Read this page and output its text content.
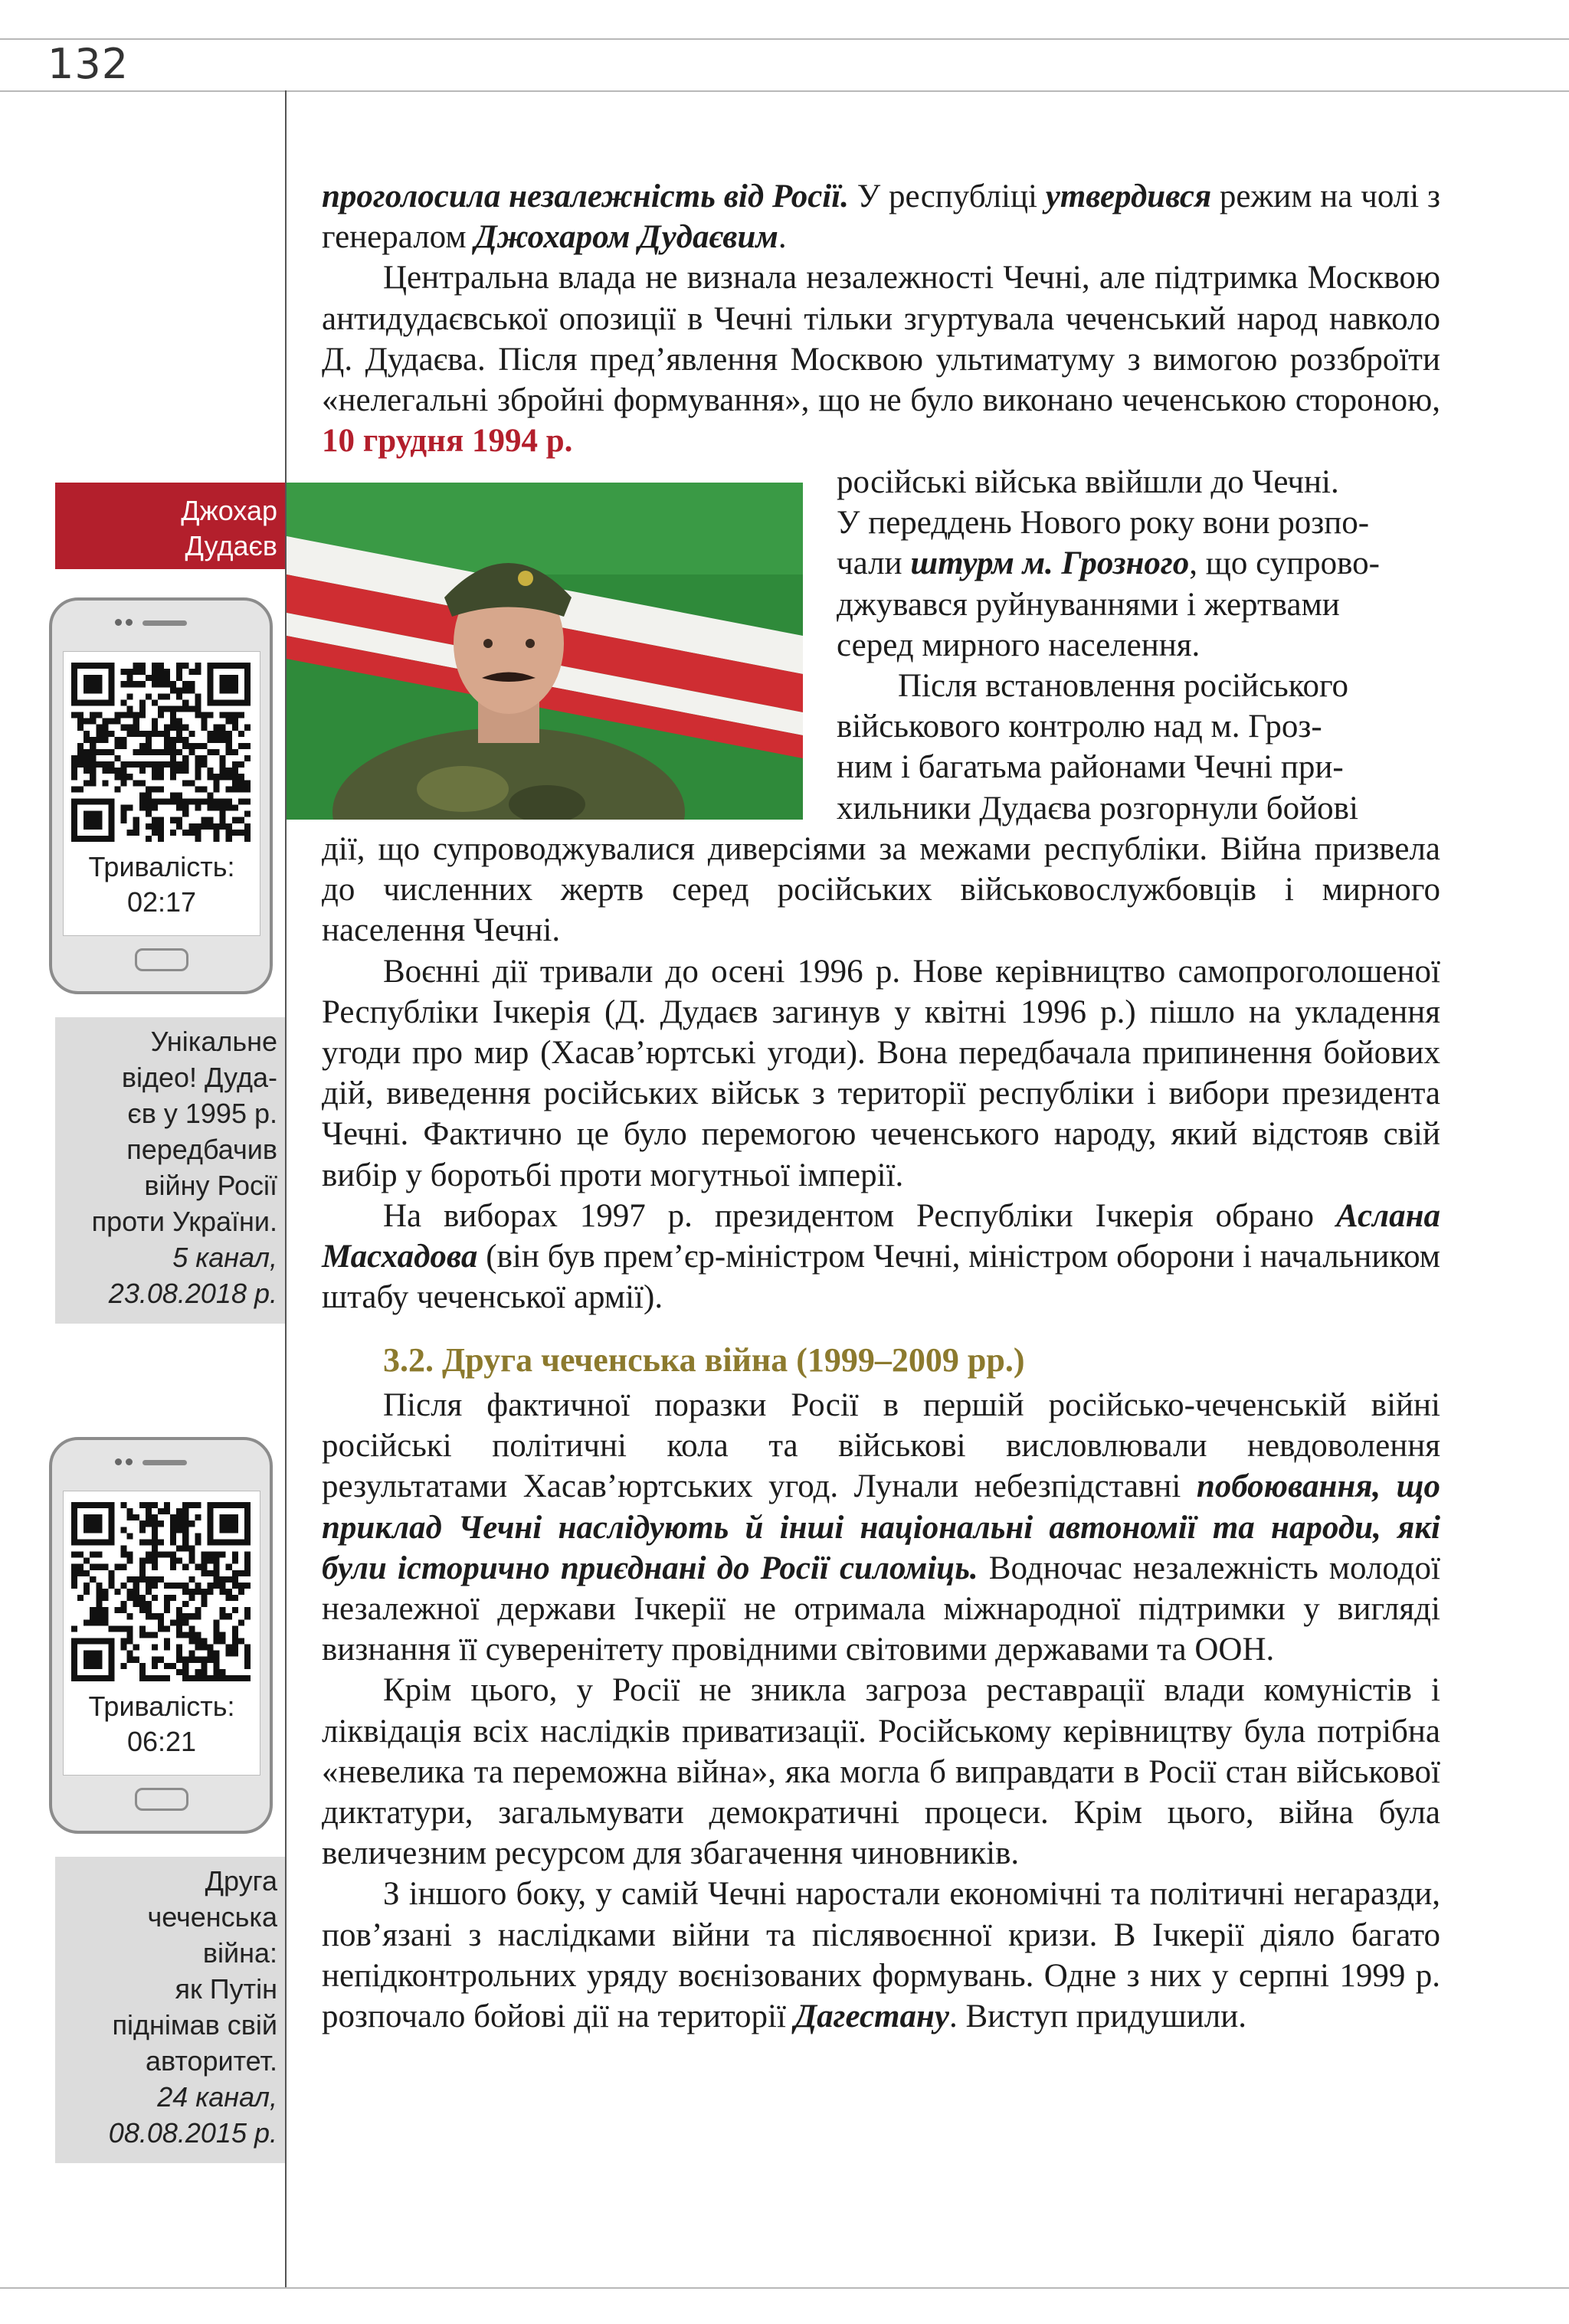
132
Джохар
Дудаєв
Тривалість:
02:17
Унікальне
відео! Дуда-
єв у 1995 р.
передбачив
війну Росії
проти України.
5 канал,
23.08.2018 р.
Тривалість:
06:21
Друга
чеченська
війна:
як Путін
піднімав свій
авторитет.
24 канал,
08.08.2015 р.

проголосила незалежність від Росії. У республіці утвердився режим на чолі з генералом Джохаром Дудаєвим.

Центральна влада не визнала незалежності Чечні, але підтримка Москвою антидудаєвської опозиції в Чечні тільки згуртувала чеченський народ навколо Д. Дудаєва. Після пред’явлення Москвою ультиматуму з вимогою роззброїти «нелегальні збройні формування», що не було виконано чеченською стороною, 10 грудня 1994 р.

російські війська ввійшли до Чечні.

У переддень Нового року вони розпо-

чали штурм м. Грозного, що супрово-

джувався руйнуваннями і жертвами

серед мирного населення.

Після встановлення російського

військового контролю над м. Гроз-

ним і багатьма районами Чечні при-

хильники Дудаєва розгорнули бойові

дії, що супроводжувалися диверсіями за межами республіки. Війна призвела до численних жертв серед російських військовослужбовців і мирного населення Чечні.

Воєнні дії тривали до осені 1996 р. Нове керівництво самопроголошеної Республіки Ічкерія (Д. Дудаєв загинув у квітні 1996 р.) пішло на укладення угоди про мир (Хасав’юртські угоди). Вона передбачала припинення бойових дій, виведення російських військ з території республіки і вибори президента Чечні. Фактично це було перемогою чеченського народу, який відстояв свій вибір у боротьбі проти могутньої імперії.

На виборах 1997 р. президентом Республіки Ічкерія обрано Аслана Масхадова (він був прем’єр-міністром Чечні, міністром оборони і начальником штабу чеченської армії).

3.2. Друга чеченська війна (1999–2009 рр.)

Після фактичної поразки Росії в першій російсько-чеченській війні російські політичні кола та військові висловлювали невдоволення результатами Хасав’юртських угод. Лунали небезпідставні побоювання, що приклад Чечні наслідують й інші національні автономії та народи, які були історично приєднані до Росії силоміць. Водночас незалежність молодої незалежної держави Ічкерії не отримала міжнародної підтримки у вигляді визнання її суверенітету провідними світовими державами та ООН.

Крім цього, у Росії не зникла загроза реставрації влади комуністів і ліквідація всіх наслідків приватизації. Російському керівництву була потрібна «невелика та переможна війна», яка могла б виправдати в Росії стан військової диктатури, загальмувати демократичні процеси. Крім цього, війна була величезним ресурсом для збагачення чиновників.

З іншого боку, у самій Чечні наростали економічні та політичні негаразди, пов’язані з наслідками війни та післявоєнної кризи. В Ічкерії діяло багато непідконтрольних уряду воєнізованих формувань. Одне з них у серпні 1999 р. розпочало бойові дії на території Дагестану. Виступ придушили.
